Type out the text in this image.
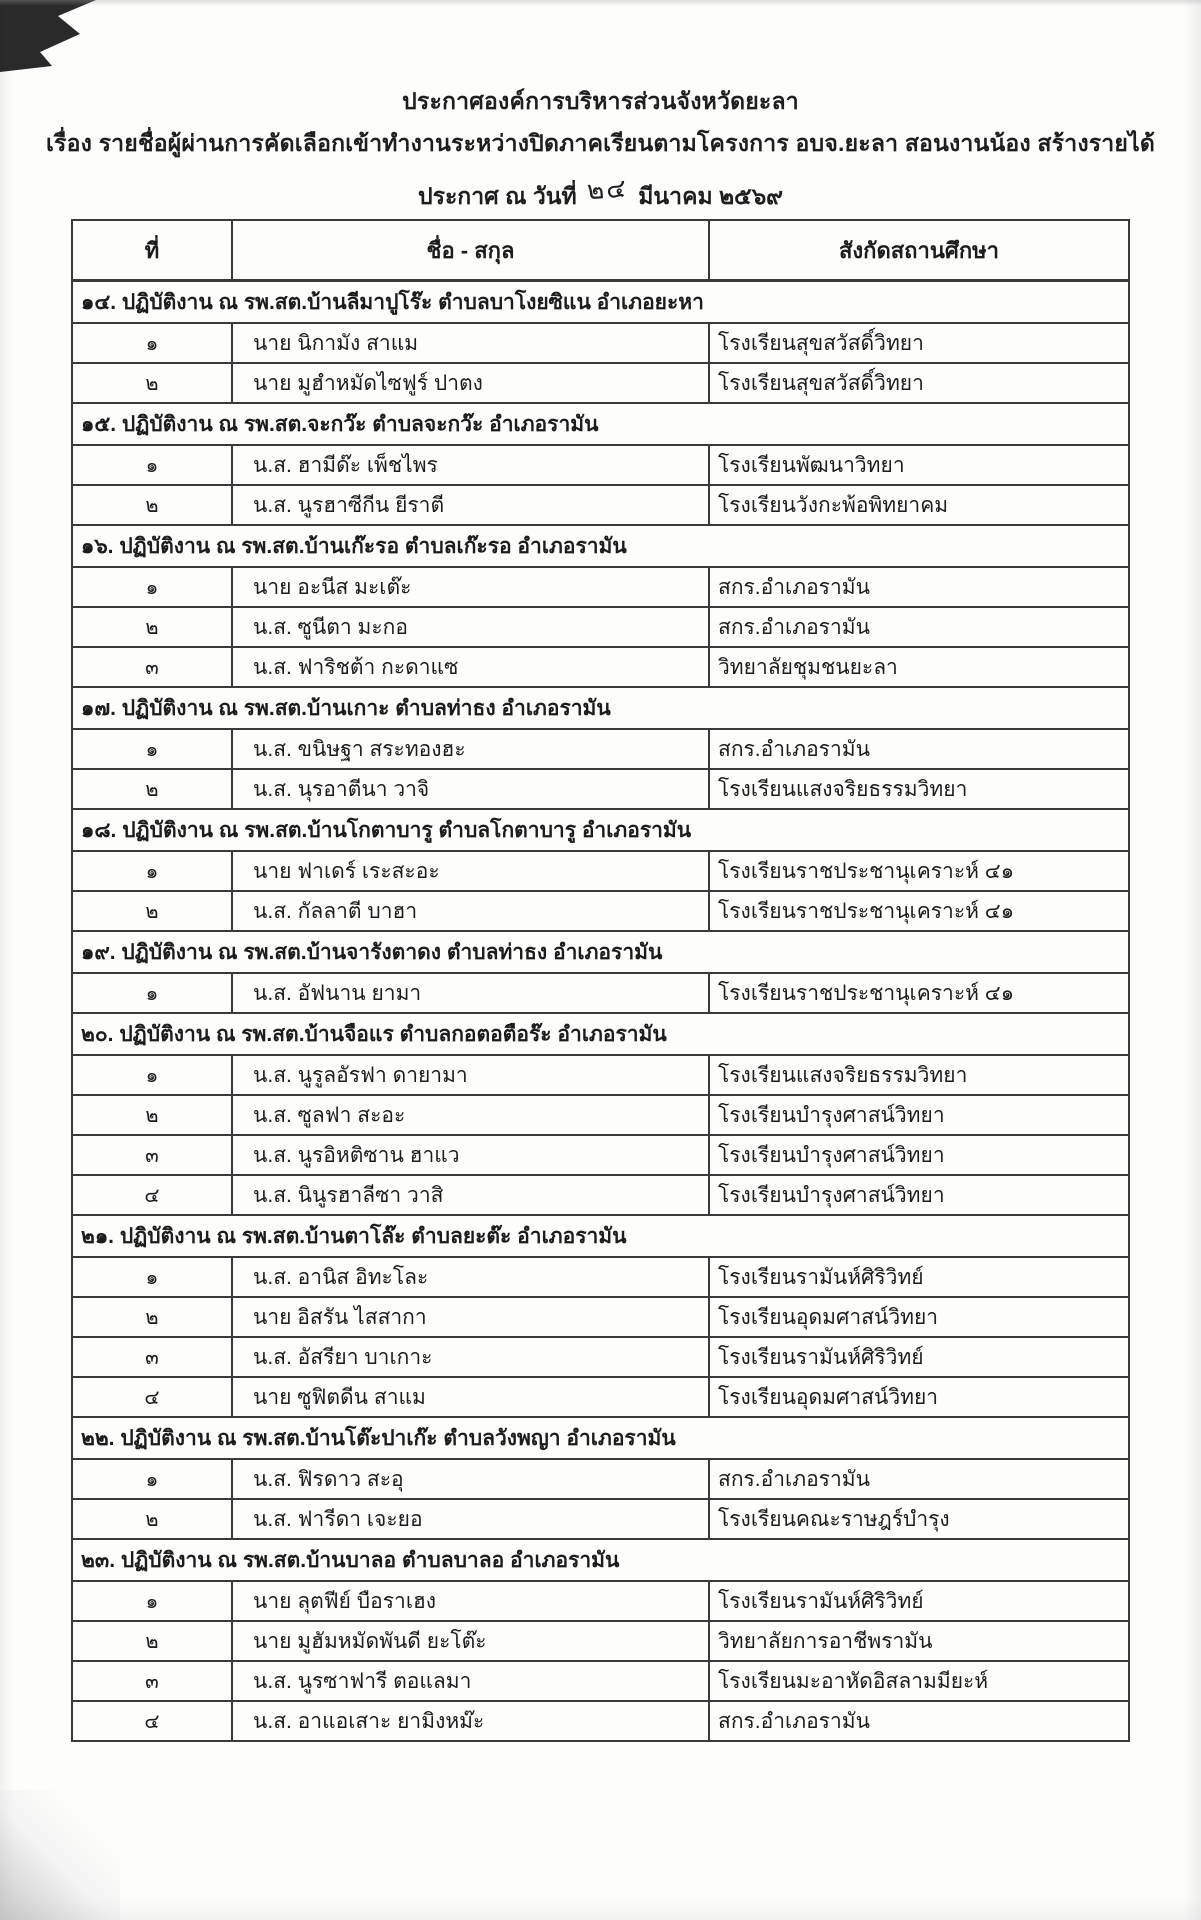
ประกาศองค์การบริหารส่วนจังหวัดยะลา
เรื่อง รายชื่อผู้ผ่านการคัดเลือกเข้าทำงานระหว่างปิดภาคเรียนตามโครงการ อบจ.ยะลา สอนงานน้อง สร้างรายได้
ประกาศ ณ วันที่ ๒๔ มีนาคม ๒๕๖๙
ที่	ชื่อ - สกุล	สังกัดสถานศึกษา
๑๔. ปฏิบัติงาน ณ รพ.สต.บ้านลีมาปูโร๊ะ ตำบลบาโงยซิแน อำเภอยะหา		
๑	นาย นิกามัง สาแม	โรงเรียนสุขสวัสดิ์วิทยา
๒	นาย มูฮำหมัดไซฟูร์ ปาตง	โรงเรียนสุขสวัสดิ์วิทยา
๑๕. ปฏิบัติงาน ณ รพ.สต.จะกว๊ะ ตำบลจะกว๊ะ อำเภอรามัน		
๑	น.ส. ฮามีด๊ะ เพ็ชไพร	โรงเรียนพัฒนาวิทยา
๒	น.ส. นูรฮาซีกีน ยีราตี	โรงเรียนวังกะพ้อพิทยาคม
๑๖. ปฏิบัติงาน ณ รพ.สต.บ้านเก๊ะรอ ตำบลเก๊ะรอ อำเภอรามัน		
๑	นาย อะนีส มะเต๊ะ	สกร.อำเภอรามัน
๒	น.ส. ซูนีตา มะกอ	สกร.อำเภอรามัน
๓	น.ส. ฟาริชต้า กะดาแซ	วิทยาลัยชุมชนยะลา
๑๗. ปฏิบัติงาน ณ รพ.สต.บ้านเกาะ ตำบลท่าธง อำเภอรามัน		
๑	น.ส. ขนิษฐา สระทองฮะ	สกร.อำเภอรามัน
๒	น.ส. นุรอาตีนา วาจิ	โรงเรียนแสงจริยธรรมวิทยา
๑๘. ปฏิบัติงาน ณ รพ.สต.บ้านโกตาบารู ตำบลโกตาบารู อำเภอรามัน		
๑	นาย ฟาเดร์ เระสะอะ	โรงเรียนราชประชานุเคราะห์ ๔๑
๒	น.ส. กัลลาตี บาฮา	โรงเรียนราชประชานุเคราะห์ ๔๑
๑๙. ปฏิบัติงาน ณ รพ.สต.บ้านจารังตาดง ตำบลท่าธง อำเภอรามัน		
๑	น.ส. อัฟนาน ยามา	โรงเรียนราชประชานุเคราะห์ ๔๑
๒๐. ปฏิบัติงาน ณ รพ.สต.บ้านจือแร ตำบลกอตอตือร๊ะ อำเภอรามัน		
๑	น.ส. นูรูลอัรฟา ดายามา	โรงเรียนแสงจริยธรรมวิทยา
๒	น.ส. ซูลฟา สะอะ	โรงเรียนบำรุงศาสน์วิทยา
๓	น.ส. นูรอิหติซาน ฮาแว	โรงเรียนบำรุงศาสน์วิทยา
๔	น.ส. นินูรฮาลีซา วาสิ	โรงเรียนบำรุงศาสน์วิทยา
๒๑. ปฏิบัติงาน ณ รพ.สต.บ้านตาโล๊ะ ตำบลยะต๊ะ อำเภอรามัน		
๑	น.ส. อานิส อิทะโละ	โรงเรียนรามันห์ศิริวิทย์
๒	นาย อิสรัน ไสสากา	โรงเรียนอุดมศาสน์วิทยา
๓	น.ส. อัสรียา บาเกาะ	โรงเรียนรามันห์ศิริวิทย์
๔	นาย ซูฟิตดีน สาแม	โรงเรียนอุดมศาสน์วิทยา
๒๒. ปฏิบัติงาน ณ รพ.สต.บ้านโต๊ะปาเก๊ะ ตำบลวังพญา อำเภอรามัน		
๑	น.ส. ฟิรดาว สะอุ	สกร.อำเภอรามัน
๒	น.ส. ฟารีดา เจะยอ	โรงเรียนคณะราษฎร์บำรุง
๒๓. ปฏิบัติงาน ณ รพ.สต.บ้านบาลอ ตำบลบาลอ อำเภอรามัน		
๑	นาย ลุตฟีย์ บือราเฮง	โรงเรียนรามันห์ศิริวิทย์
๒	นาย มูฮัมหมัดพันดี ยะโต๊ะ	วิทยาลัยการอาชีพรามัน
๓	น.ส. นูรซาฟารี ตอแลมา	โรงเรียนมะอาหัดอิสลามมียะห์
๔	น.ส. อาแอเสาะ ยามิงหม๊ะ	สกร.อำเภอรามัน
